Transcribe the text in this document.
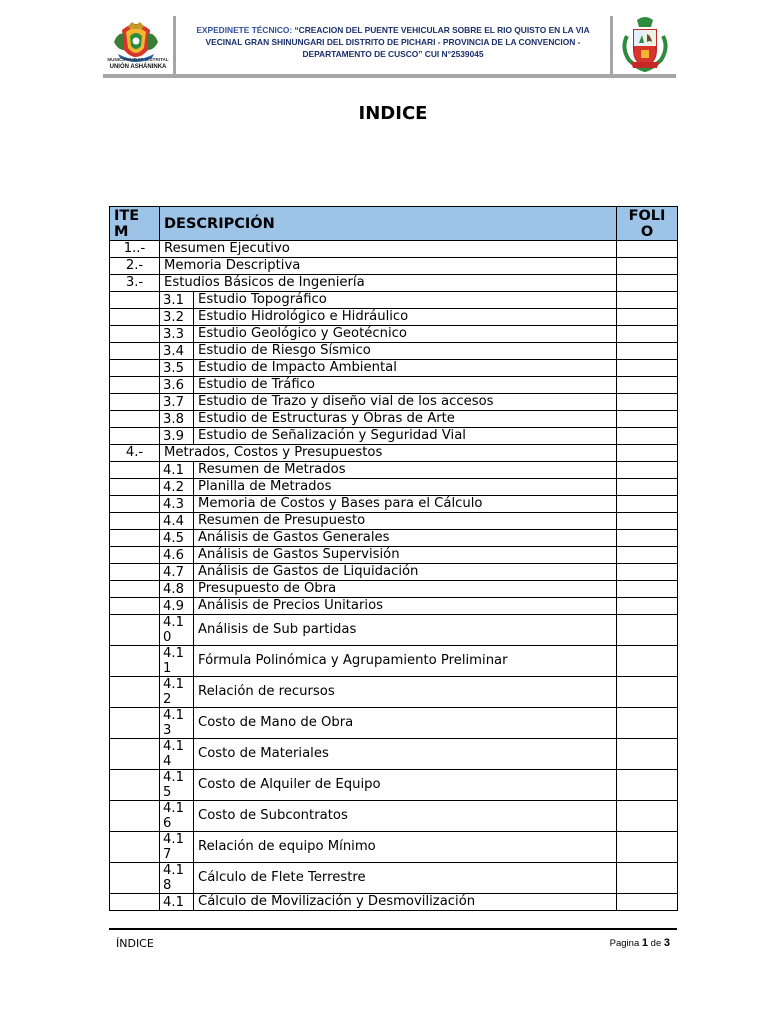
MUNICIPALIDAD DISTRITAL
UNIÓN ASHÁNINKA
EXPEDINETE TÉCNICO: “CREACION DEL PUENTE VEHICULAR SOBRE EL RIO QUISTO EN LA VIA VECINAL GRAN SHINUNGARI DEL DISTRITO DE PICHARI - PROVINCIA DE LA CONVENCION - DEPARTAMENTO DE CUSCO” CUI N°2539045
INDICE
ITE M	DESCRIPCIÓN		FOLI O
1..-	Resumen Ejecutivo		
2.-	Memoria Descriptiva		
3.-	Estudios Básicos de Ingeniería		
	3.1	Estudio Topográfico	
	3.2	Estudio Hidrológico e Hidráulico	
	3.3	Estudio Geológico y Geotécnico	
	3.4	Estudio de Riesgo Sísmico	
	3.5	Estudio de Impacto Ambiental	
	3.6	Estudio de Tráfico	
	3.7	Estudio de Trazo y diseño vial de los accesos	
	3.8	Estudio de Estructuras y Obras de Arte	
	3.9	Estudio de Señalización y Seguridad Vial	
4.-	Metrados, Costos y Presupuestos		
	4.1	Resumen de Metrados	
	4.2	Planilla de Metrados	
	4.3	Memoria de Costos y Bases para el Cálculo	
	4.4	Resumen de Presupuesto	
	4.5	Análisis de Gastos Generales	
	4.6	Análisis de Gastos Supervisión	
	4.7	Análisis de Gastos de Liquidación	
	4.8	Presupuesto de Obra	
	4.9	Análisis de Precios Unitarios	
	4.1 0	Análisis de Sub partidas	
	4.1 1	Fórmula Polinómica y Agrupamiento Preliminar	
	4.1 2	Relación de recursos	
	4.1 3	Costo de Mano de Obra	
	4.1 4	Costo de Materiales	
	4.1 5	Costo de Alquiler de Equipo	
	4.1 6	Costo de Subcontratos	
	4.1 7	Relación de equipo Mínimo	
	4.1 8	Cálculo de Flete Terrestre	
	4.1	Cálculo de Movilización y Desmovilización	
ÍNDICE	Pagina 1 de 3
